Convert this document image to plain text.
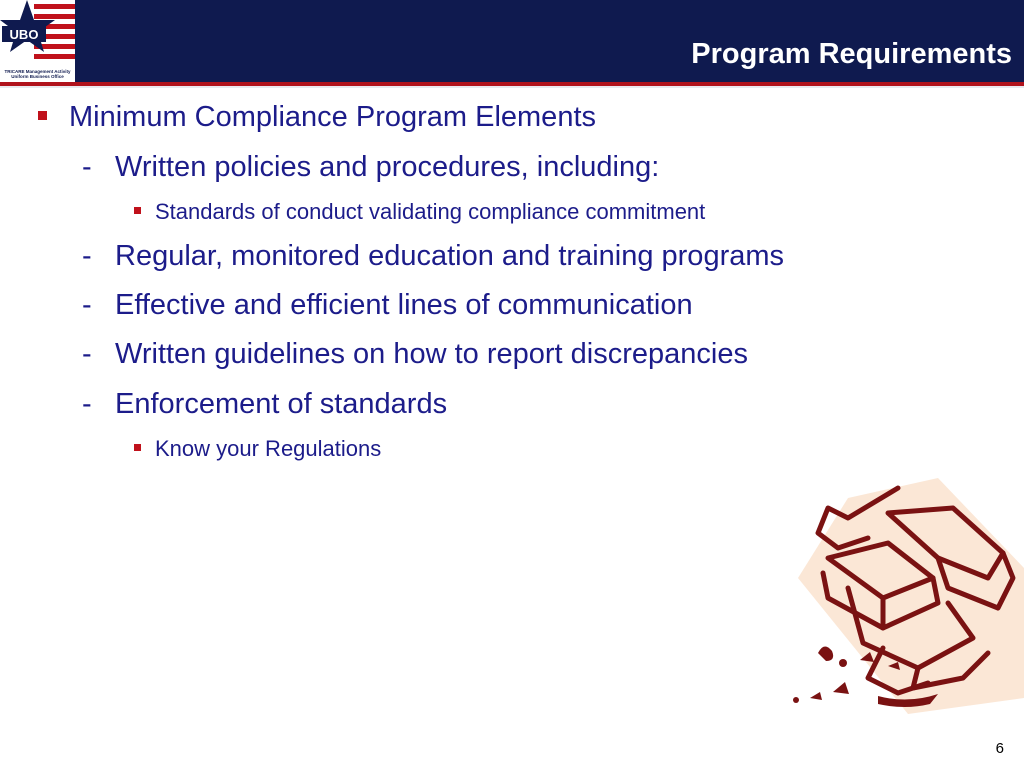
UBO
TRICARE Management Activity
Uniform Business Office
Program Requirements
Minimum Compliance Program Elements
- Written policies and procedures, including:
Standards of conduct validating compliance commitment
- Regular, monitored education and training programs
- Effective and efficient lines of communication
- Written guidelines on how to report discrepancies
- Enforcement of standards
Know your Regulations
6
